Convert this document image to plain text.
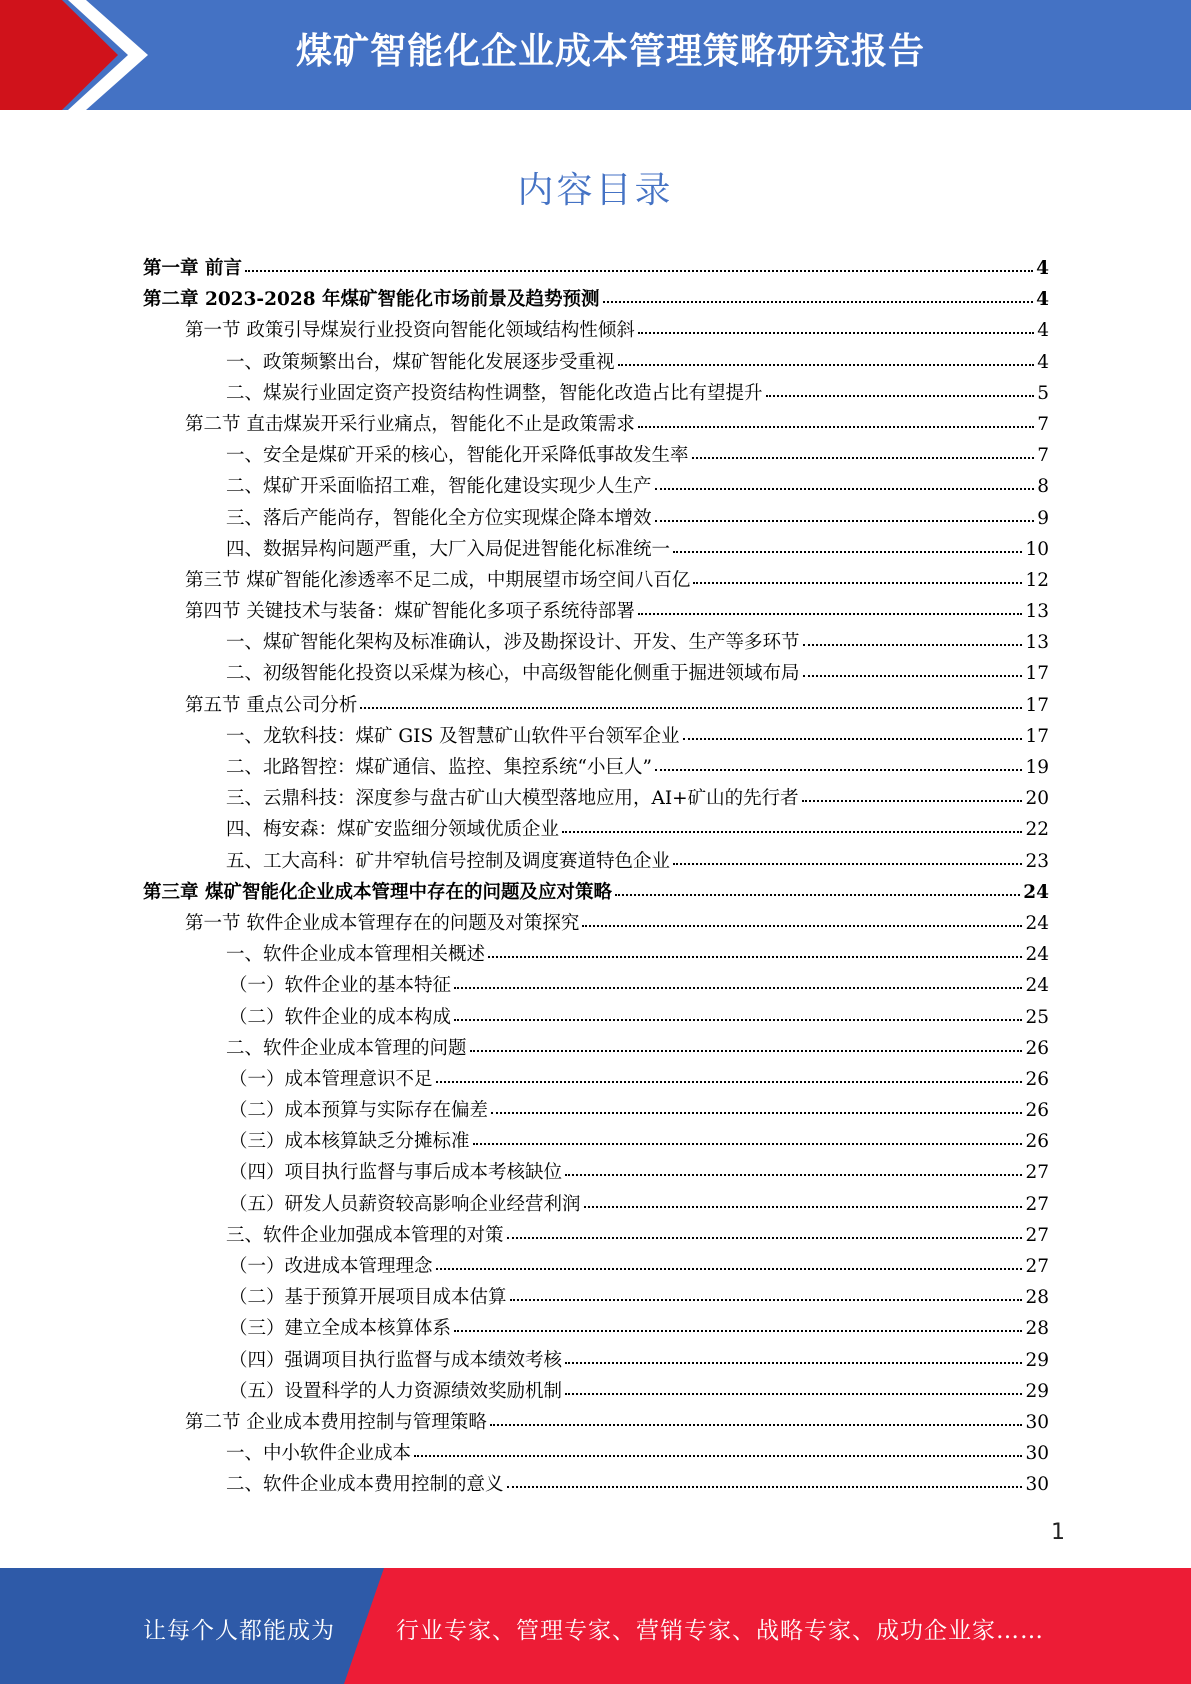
煤矿智能化企业成本管理策略研究报告
内容目录
第一章 前言	4
第二章 2023-2028 年煤矿智能化市场前景及趋势预测	4
第一节 政策引导煤炭行业投资向智能化领域结构性倾斜	4
一、政策频繁出台，煤矿智能化发展逐步受重视	4
二、煤炭行业固定资产投资结构性调整，智能化改造占比有望提升	5
第二节 直击煤炭开采行业痛点，智能化不止是政策需求	7
一、安全是煤矿开采的核心，智能化开采降低事故发生率	7
二、煤矿开采面临招工难，智能化建设实现少人生产	8
三、落后产能尚存，智能化全方位实现煤企降本增效	9
四、数据异构问题严重，大厂入局促进智能化标准统一	10
第三节 煤矿智能化渗透率不足二成，中期展望市场空间八百亿	12
第四节 关键技术与装备：煤矿智能化多项子系统待部署	13
一、煤矿智能化架构及标准确认，涉及勘探设计、开发、生产等多环节	13
二、初级智能化投资以采煤为核心，中高级智能化侧重于掘进领域布局	17
第五节 重点公司分析	17
一、龙软科技：煤矿 GIS 及智慧矿山软件平台领军企业	17
二、北路智控：煤矿通信、监控、集控系统“小巨人”	19
三、云鼎科技：深度参与盘古矿山大模型落地应用，AI+矿山的先行者	20
四、梅安森：煤矿安监细分领域优质企业	22
五、工大高科：矿井窄轨信号控制及调度赛道特色企业	23
第三章 煤矿智能化企业成本管理中存在的问题及应对策略	24
第一节 软件企业成本管理存在的问题及对策探究	24
一、软件企业成本管理相关概述	24
（一）软件企业的基本特征	24
（二）软件企业的成本构成	25
二、软件企业成本管理的问题	26
（一）成本管理意识不足	26
（二）成本预算与实际存在偏差	26
（三）成本核算缺乏分摊标准	26
（四）项目执行监督与事后成本考核缺位	27
（五）研发人员薪资较高影响企业经营利润	27
三、软件企业加强成本管理的对策	27
（一）改进成本管理理念	27
（二）基于预算开展项目成本估算	28
（三）建立全成本核算体系	28
（四）强调项目执行监督与成本绩效考核	29
（五）设置科学的人力资源绩效奖励机制	29
第二节 企业成本费用控制与管理策略	30
一、中小软件企业成本	30
二、软件企业成本费用控制的意义	30
1
让每个人都能成为	行业专家、管理专家、营销专家、战略专家、成功企业家……
